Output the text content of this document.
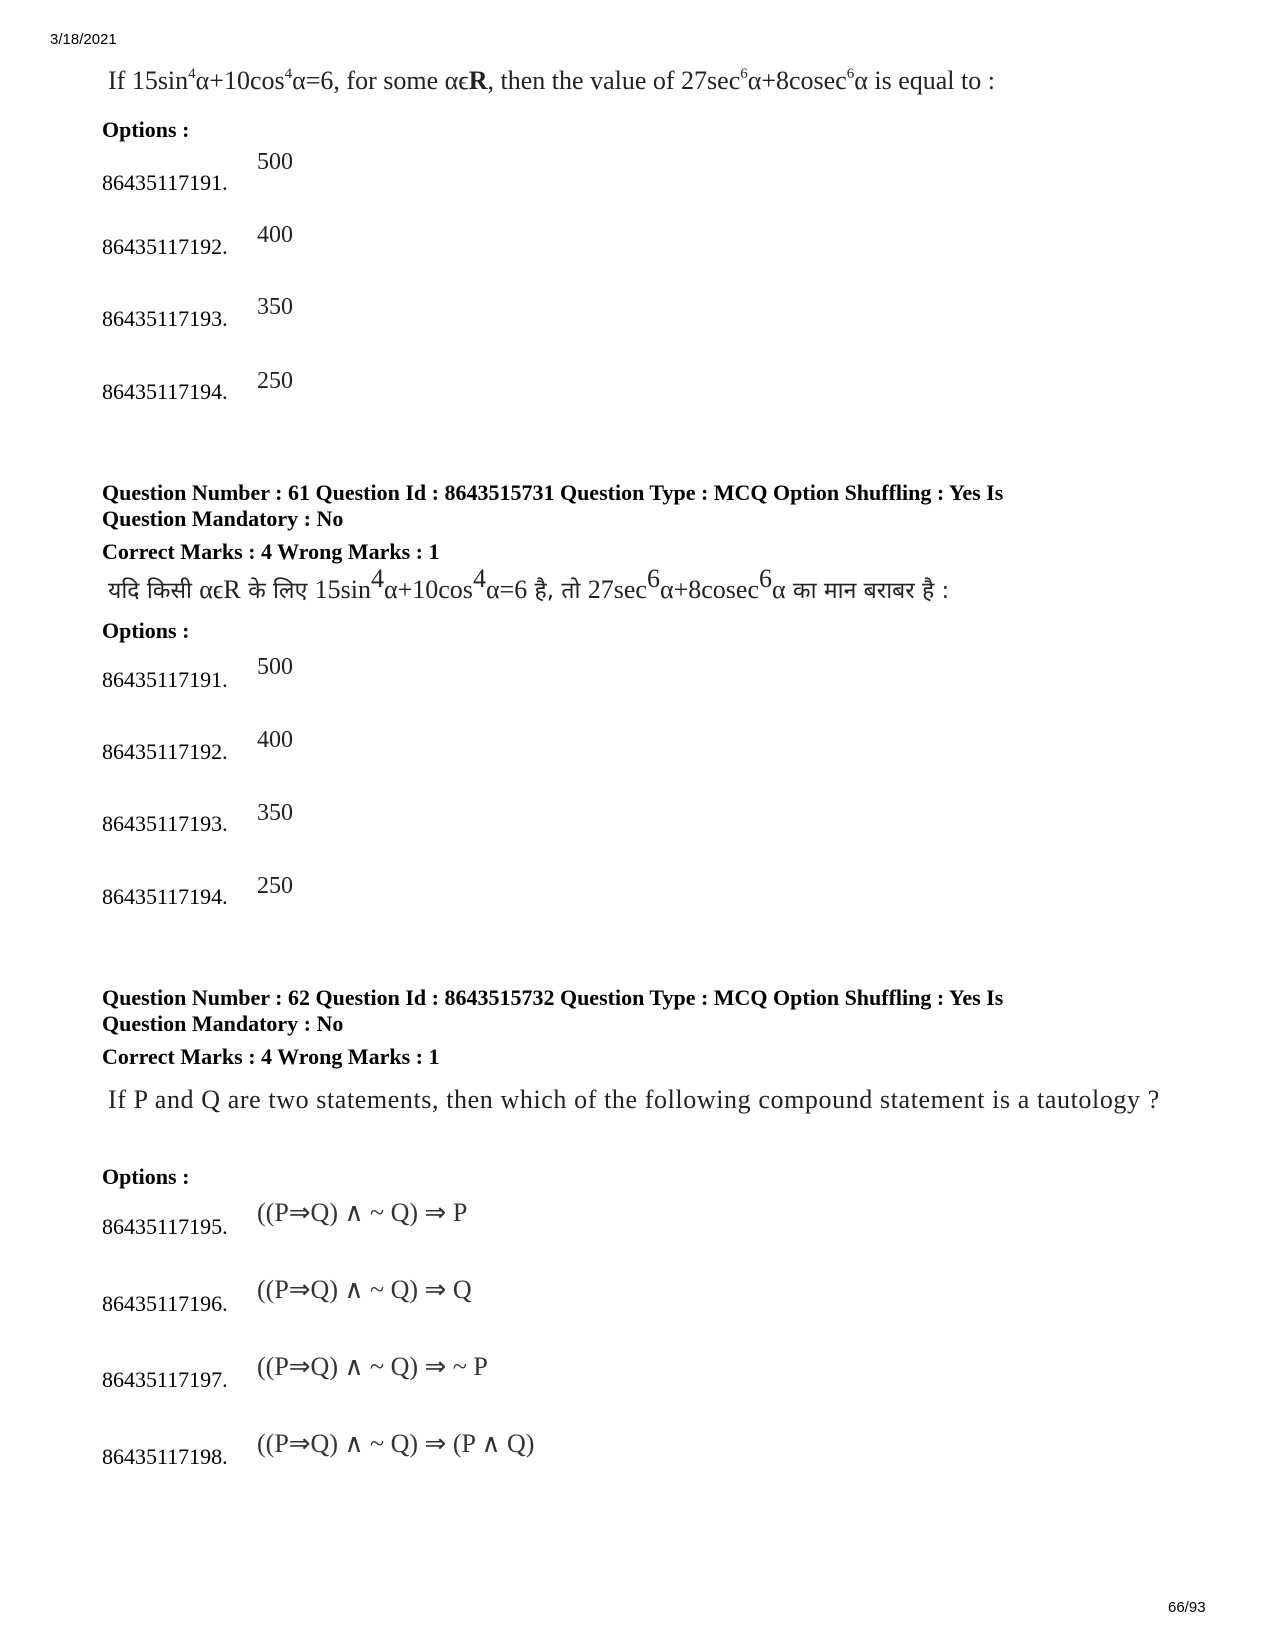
3/18/2021
66/93
If $15\sin^4\alpha+10\cos^4\alpha=6$, for some αϵR, then the value of $27\sec^6\alpha+8cosec^6\alpha$ is equal to :
Options :
86435117191.
500
86435117192. 400
86435117193. 350
86435117194. 250
Question Number : 61 Question Id : 8643515731 Question Type : MCQ Option Shuffling : Yes Is
Question Mandatory : No
Correct Marks : 4 Wrong Marks : 1
यदि किसी αϵR के लिए $15\sin^4\alpha+10\cos^4\alpha=6$ है, तो $27\sec^6\alpha+8cosec^6\alpha$ का मान बराबर है :
Options :
86435117191. 500
86435117192. 400
86435117193. 350
86435117194. 250
Question Number : 62 Question Id : 8643515732 Question Type : MCQ Option Shuffling : Yes Is
Question Mandatory : No
Correct Marks : 4 Wrong Marks : 1
If P and Q are two statements, then which of the following compound statement is a tautology ?
Options :
86435117195. ((P⇒Q) ∧ ~ Q) ⇒ P
86435117196. ((P⇒Q) ∧ ~ Q) ⇒ Q
86435117197. ((P⇒Q) ∧ ~ Q) ⇒ ~ P
86435117198. ((P⇒Q) ∧ ~ Q) ⇒ (P ∧ Q)
